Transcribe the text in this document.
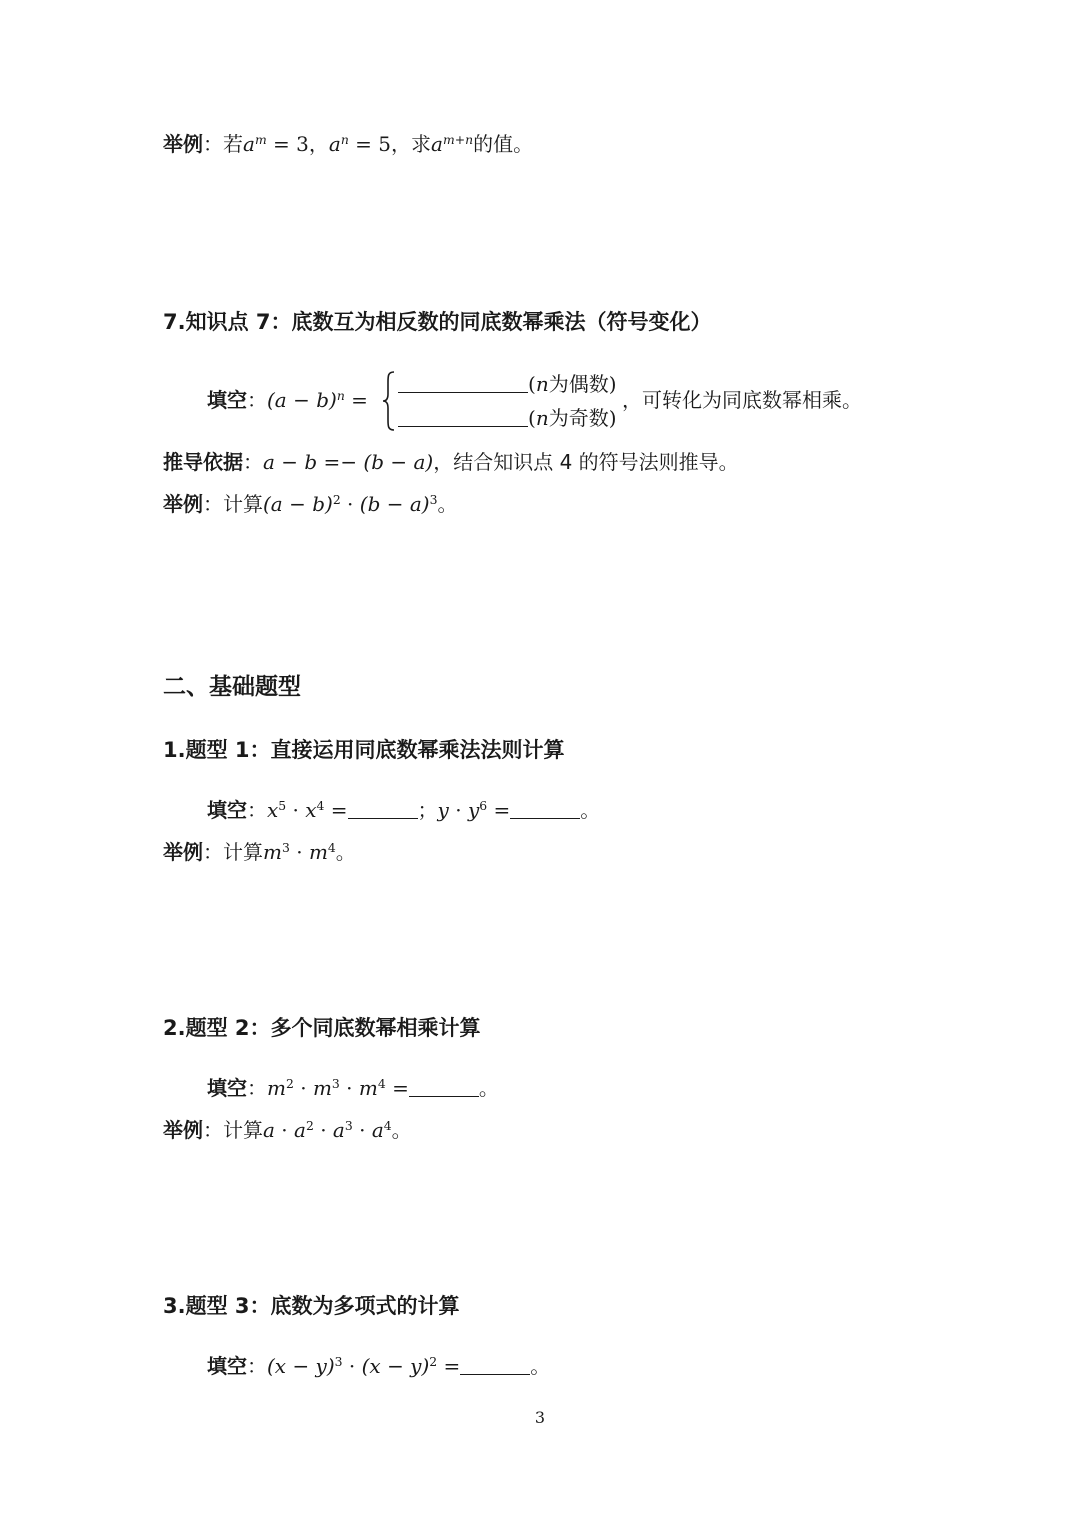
举例：若$a^m = 3$，$a^n = 5$，求$a^{m+n}$的值。
7.知识点 7：底数互为相反数的同底数幂乘法（符号变化）
填空：$(a - b)^n$ =
(n为偶数)
(n为奇数)
，可转化为同底数幂相乘。
推导依据：a − b =− (b − a)，结合知识点 4 的符号法则推导。
举例：计算$(a - b)^2 \cdot (b - a)^3$。
二、基础题型
1.题型 1：直接运用同底数幂乘法法则计算
填空：$x^5 \cdot x^4$ =	；$y \cdot y^6$ =	。
举例：计算$m^3 \cdot m^4$。
2.题型 2：多个同底数幂相乘计算
填空：$m^2 \cdot m^3 \cdot m^4$ =	。
举例：计算$a \cdot a^2 \cdot a^3 \cdot a^4$。
3.题型 3：底数为多项式的计算
填空：$(x - y)^3 \cdot (x - y)^2$ =	。
3
